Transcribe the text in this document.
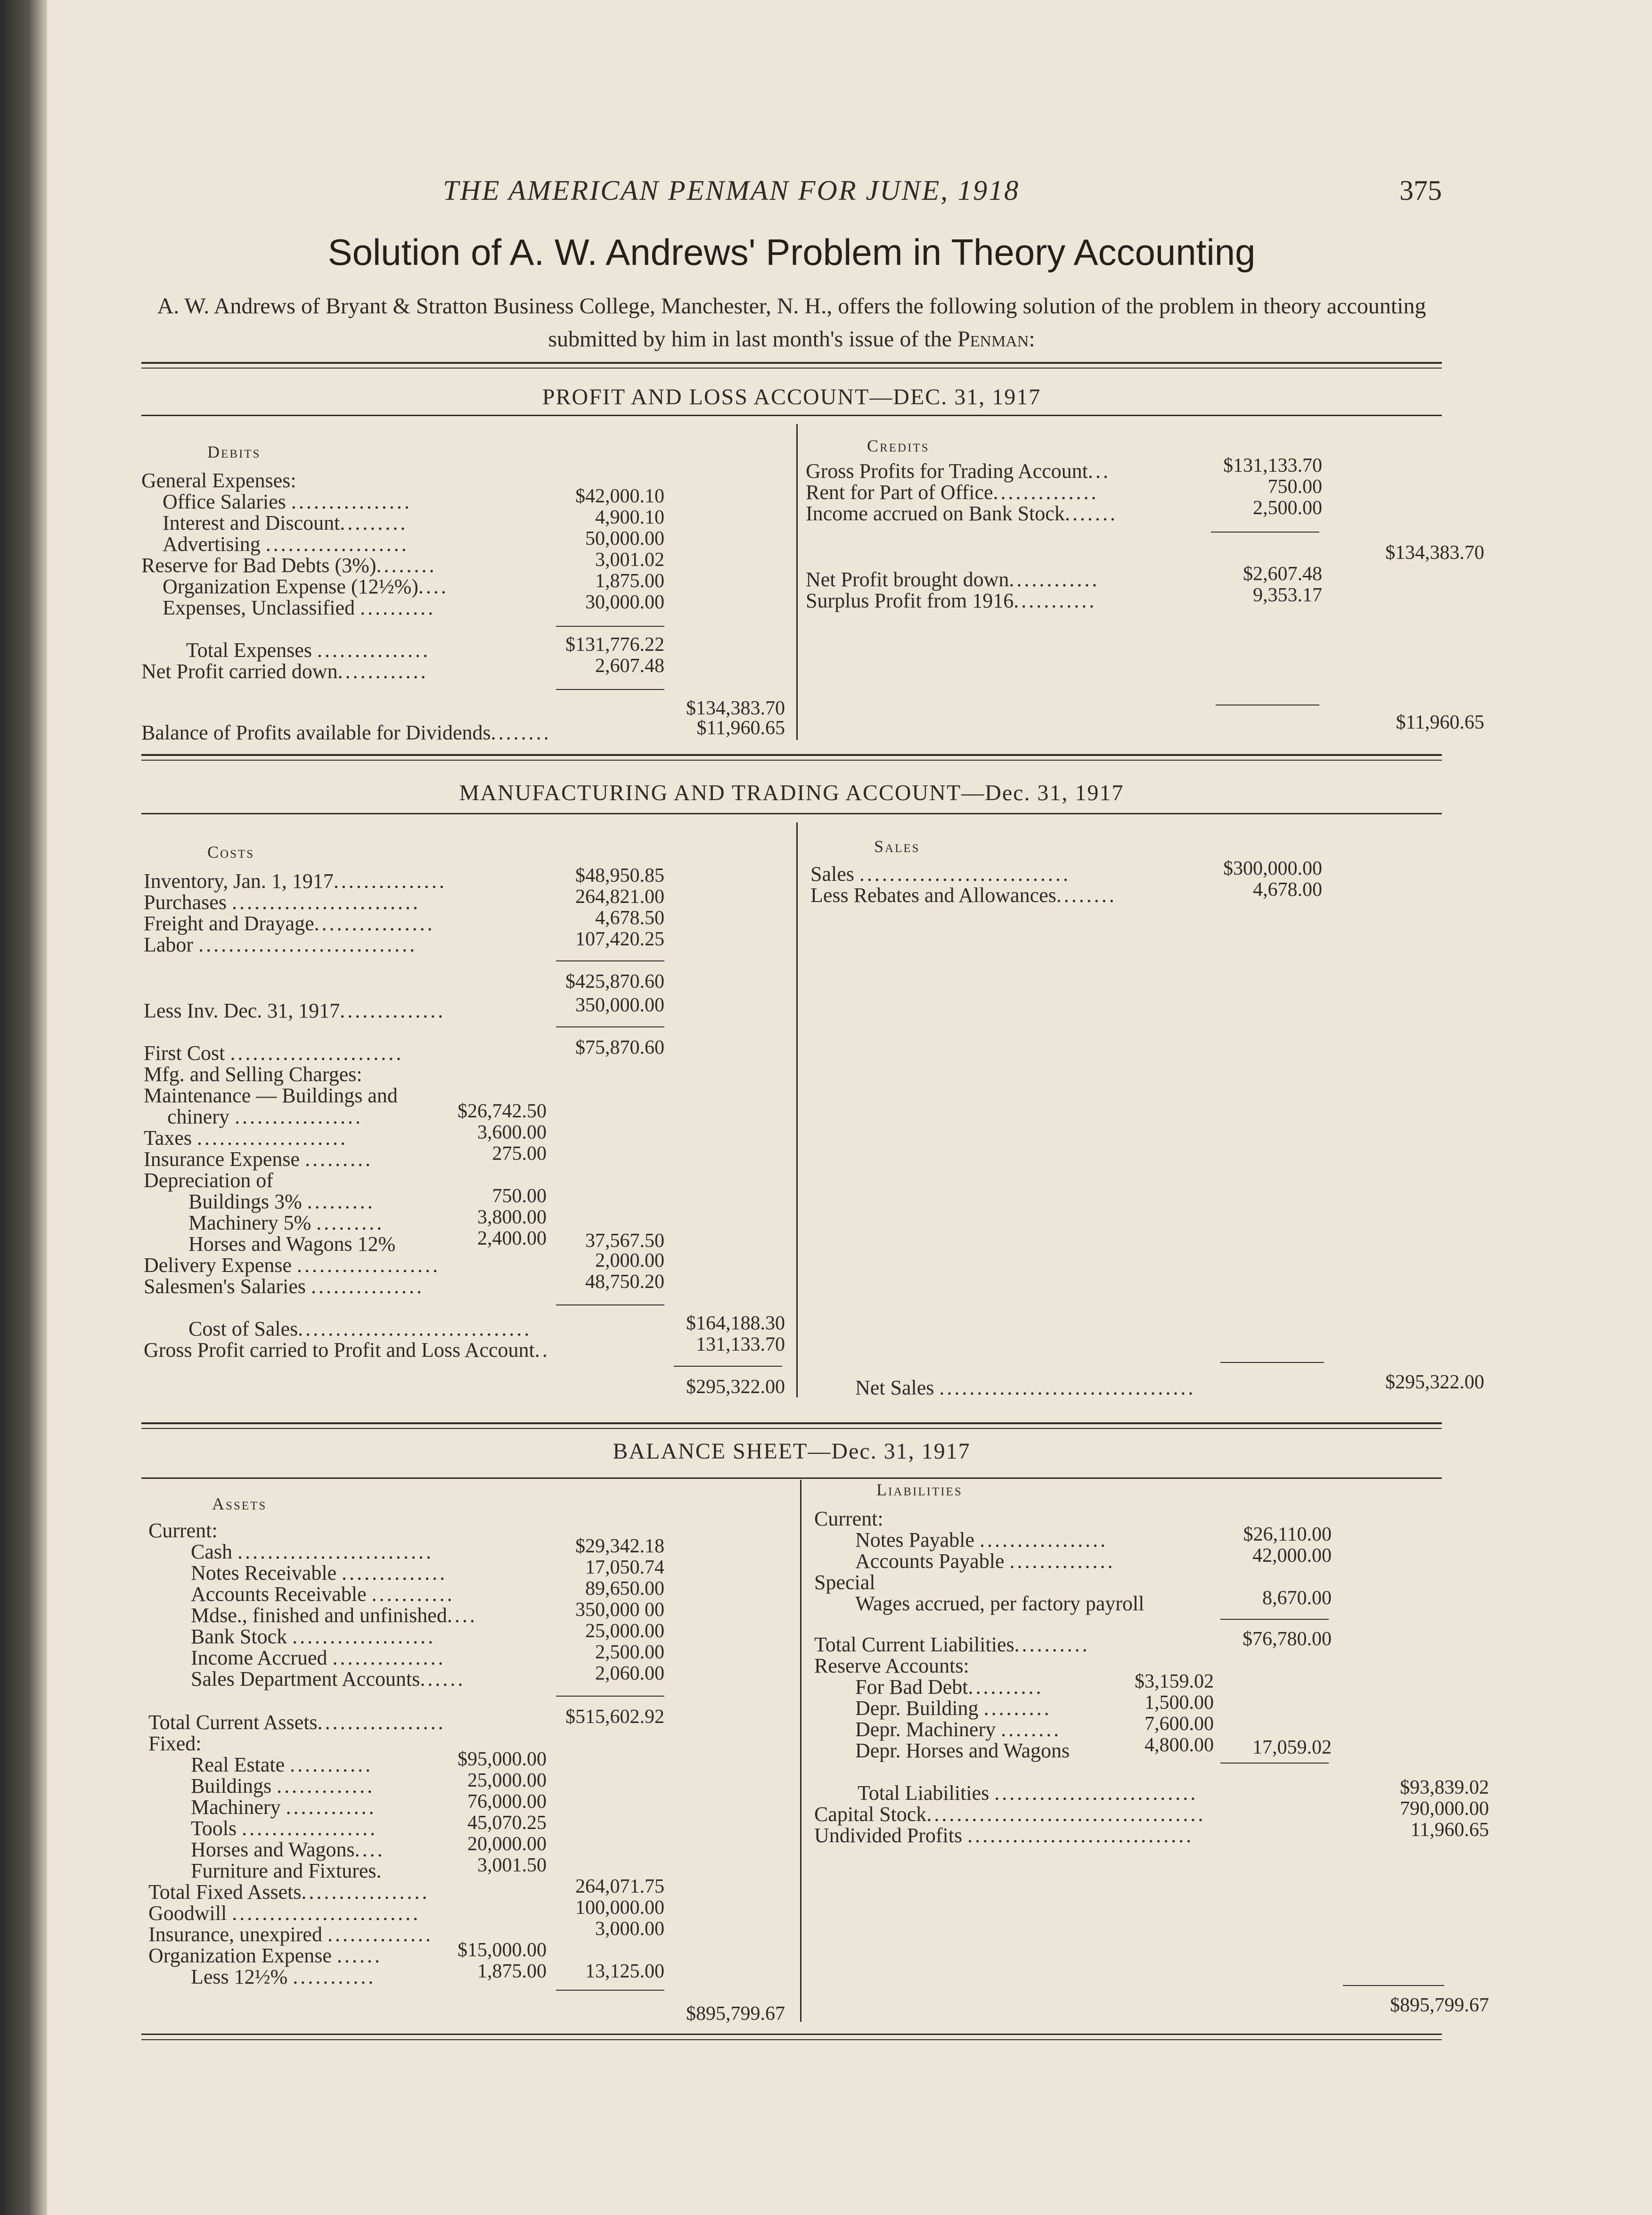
THE AMERICAN PENMAN FOR JUNE, 1918	375
Solution of A. W. Andrews' Problem in Theory Accounting
A. W. Andrews of Bryant & Stratton Business College, Manchester, N. H., offers the following solution of the problem in theory accounting submitted by him in last month's issue of the Penman:
PROFIT AND LOSS ACCOUNT—DEC. 31, 1917
Debits
General Expenses:
Office Salaries ................	$42,000.10
Interest and Discount.........	4,900.10
Advertising ...................	50,000.00
Reserve for Bad Debts (3%)........	3,001.02
Organization Expense (12½%)....	1,875.00
Expenses, Unclassified ..........	30,000.00
Total Expenses ...............	$131,776.22
Net Profit carried down............	2,607.48
$134,383.70
Balance of Profits available for Dividends........	$11,960.65
Credits
Gross Profits for Trading Account...	$131,133.70
Rent for Part of Office..............	750.00
Income accrued on Bank Stock.......	2,500.00
$134,383.70
Net Profit brought down............	$2,607.48
Surplus Profit from 1916...........	9,353.17
$11,960.65
MANUFACTURING AND TRADING ACCOUNT—Dec. 31, 1917
Costs
Inventory, Jan. 1, 1917...............	$48,950.85
Purchases .........................	264,821.00
Freight and Drayage................	4,678.50
Labor .............................	107,420.25
$425,870.60
Less Inv. Dec. 31, 1917..............	350,000.00
First Cost .......................	$75,870.60
Mfg. and Selling Charges:
Maintenance — Buildings and
chinery .................	$26,742.50
Taxes ....................	3,600.00
Insurance Expense .........	275.00
Depreciation of
Buildings 3% .........	750.00
Machinery 5% .........	3,800.00
Horses and Wagons 12%	2,400.00 37,567.50
Delivery Expense ...................	2,000.00
Salesmen's Salaries ...............	48,750.20
Cost of Sales...............................	$164,188.30
Gross Profit carried to Profit and Loss Account..	131,133.70
$295,322.00
Sales
Sales ............................	$300,000.00
Less Rebates and Allowances........	4,678.00
Net Sales ..................................	$295,322.00
BALANCE SHEET—Dec. 31, 1917
Assets
Current:
Cash ..........................	$29,342.18
Notes Receivable ..............	17,050.74
Accounts Receivable ...........	89,650.00
Mdse., finished and unfinished....	350,000 00
Bank Stock ...................	25,000.00
Income Accrued ...............	2,500.00
Sales Department Accounts......	2,060.00
Total Current Assets.................	$515,602.92
Fixed:
Real Estate ...........	$95,000.00
Buildings .............	25,000.00
Machinery ............	76,000.00
Tools ..................	45,070.25
Horses and Wagons....	20,000.00
Furniture and Fixtures.	3,001.50
Total Fixed Assets.................	264,071.75
Goodwill .........................	100,000.00
Insurance, unexpired ..............	3,000.00
Organization Expense ......	$15,000.00
Less 12½% ...........	1,875.00 13,125.00
$895,799.67
Liabilities
Current:
Notes Payable .................	$26,110.00
Accounts Payable ..............	42,000.00
Special
Wages accrued, per factory payroll	8,670.00
Total Current Liabilities..........	$76,780.00
Reserve Accounts:
For Bad Debt..........	$3,159.02
Depr. Building .........	1,500.00
Depr. Machinery ........	7,600.00
Depr. Horses and Wagons	4,800.00 17,059.02
Total Liabilities ...........................	$93,839.02
Capital Stock.....................................	790,000.00
Undivided Profits ..............................	11,960.65
$895,799.67
